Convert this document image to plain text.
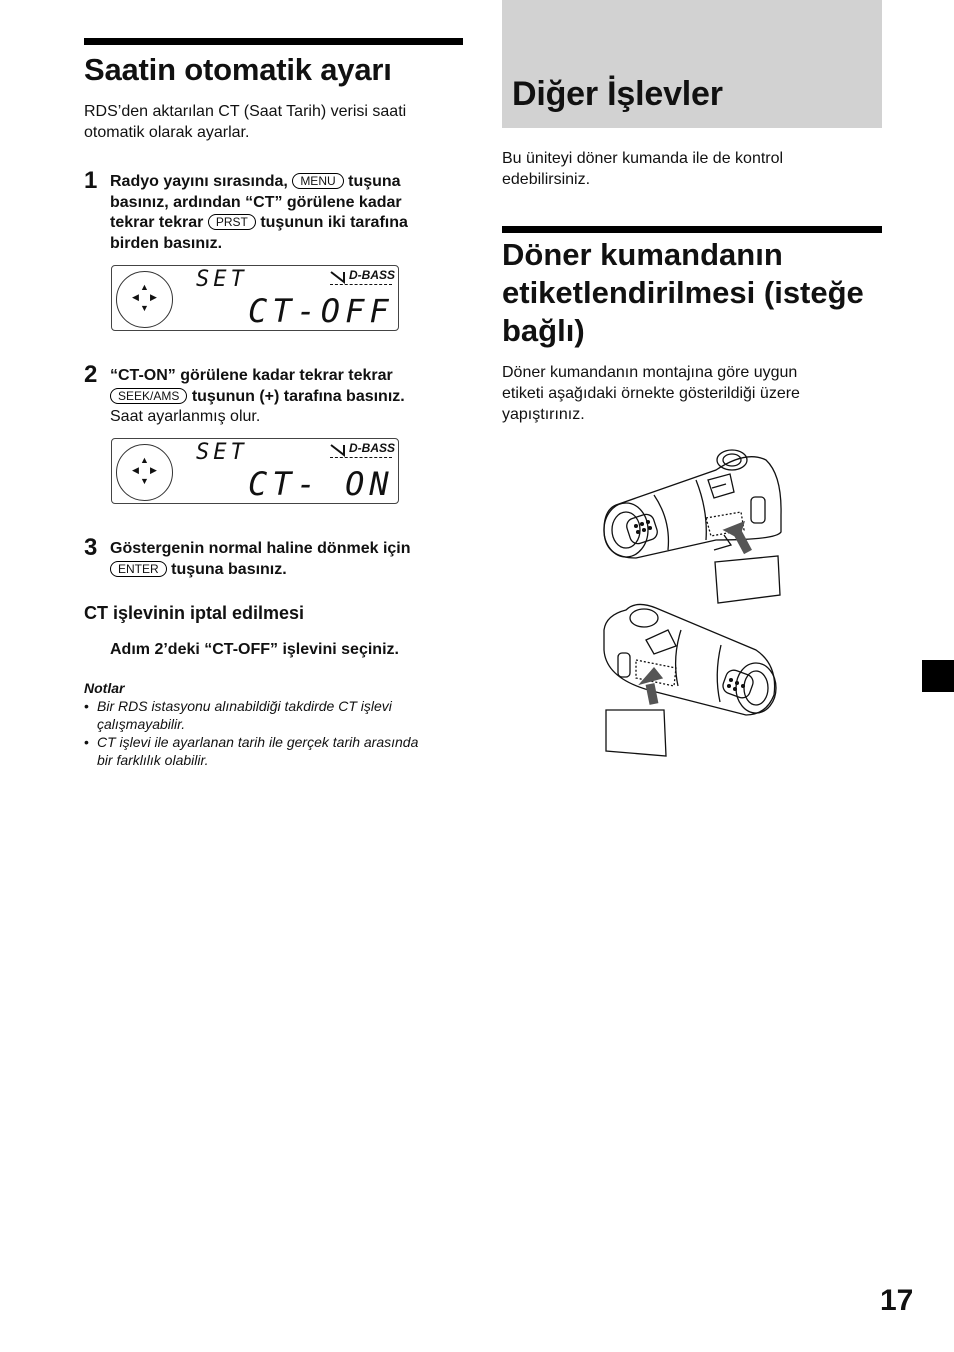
Saatin otomatik ayarı
RDS’den aktarılan CT (Saat Tarih) verisi saati otomatik olarak ayarlar.
1 Radyo yayını sırasında, MENU tuşuna
basınız, ardından “CT” görülene kadar
tekrar tekrar PRST tuşunun iki tarafına
birden basınız.
▲
◀ ▶
▼
SET	D-BASS
CT-OFF
2 “CT-ON” görülene kadar tekrar tekrar
SEEK/AMS tuşunun (+) tarafına basınız.
Saat ayarlanmış olur.
▲
◀ ▶
▼
SET	D-BASS
CT- ON
3 Göstergenin normal haline dönmek için
ENTER tuşuna basınız.
CT işlevinin iptal edilmesi
Adım 2’deki “CT-OFF” işlevini seçiniz.
Notlar
• Bir RDS istasyonu alınabildiği takdirde CT işlevi
çalışmayabilir.
• CT işlevi ile ayarlanan tarih ile gerçek tarih arasında
bir farklılık olabilir.
Diğer İşlevler
Bu üniteyi döner kumanda ile de kontrol
edebilirsiniz.
Döner kumandanın
etiketlendirilmesi (isteğe
bağlı)
Döner kumandanın montajına göre uygun
etiketi aşağıdaki örnekte gösterildiği üzere
yapıştırınız.
17
